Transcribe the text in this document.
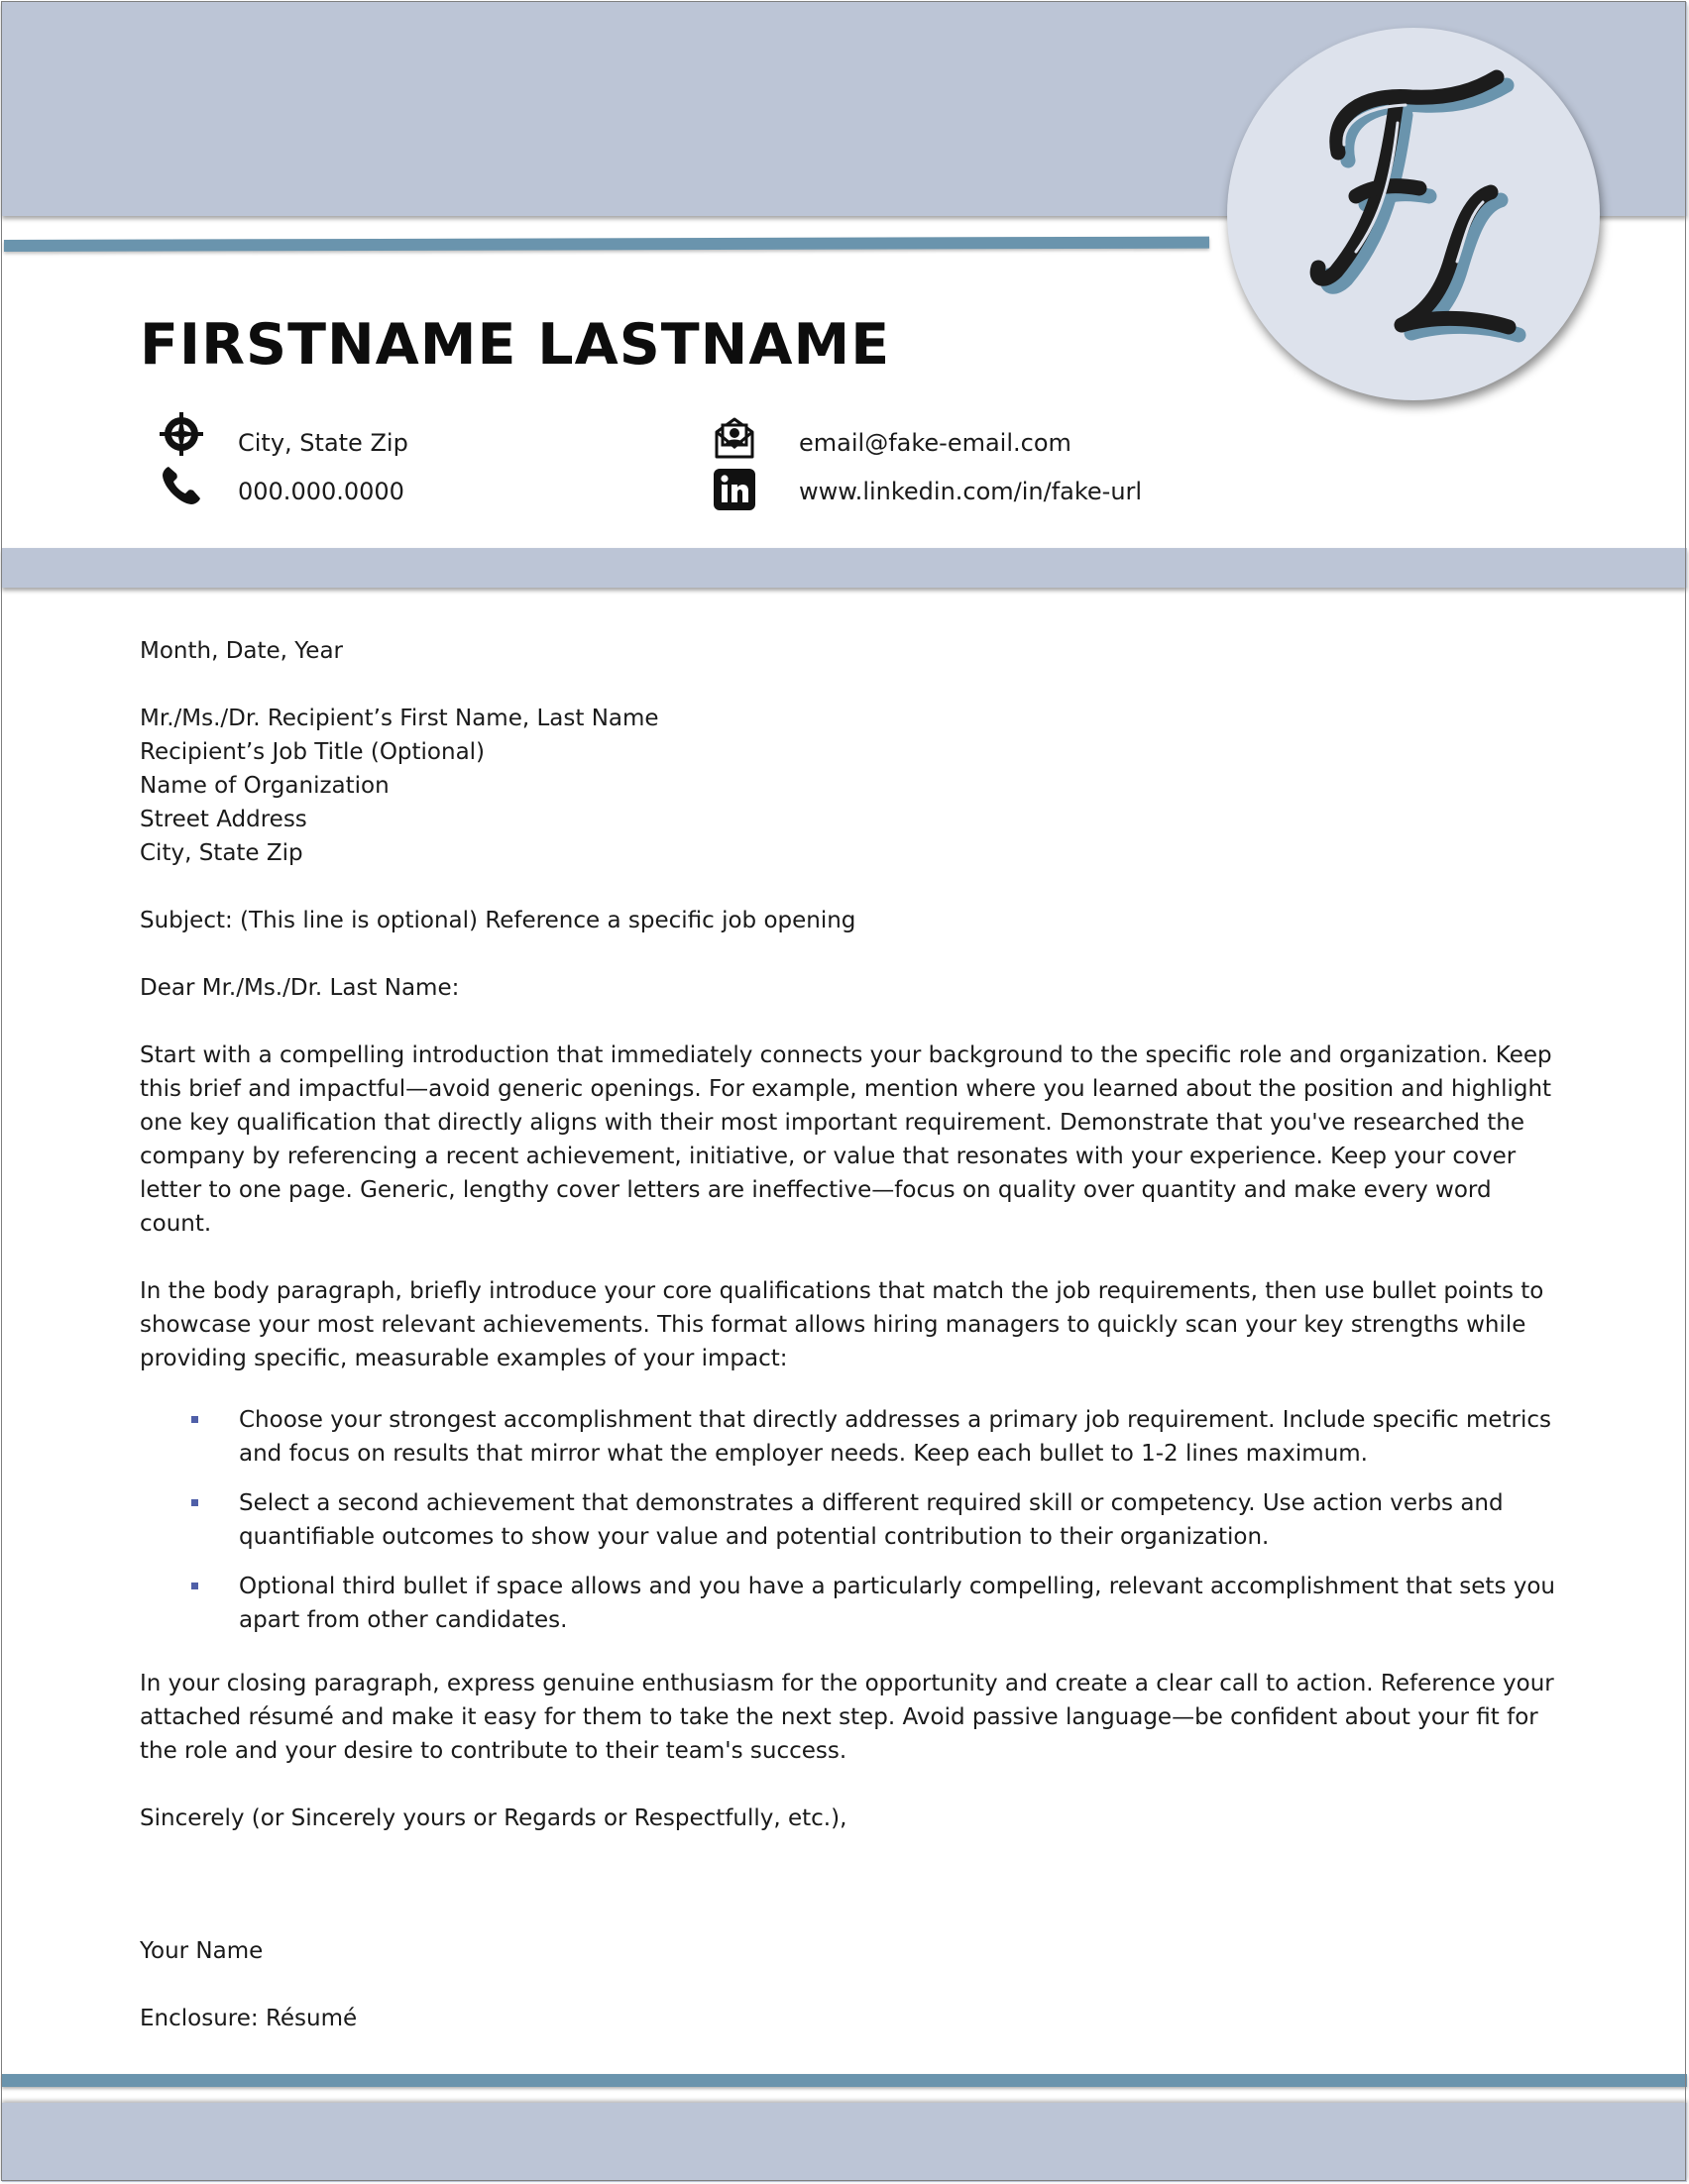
FIRSTNAME LASTNAME
City, State Zip
000.000.0000
email@fake-email.com
www.linkedin.com/in/fake-url

Month, Date, Year

Mr./Ms./Dr. Recipient’s First Name, Last Name
Recipient’s Job Title (Optional)
Name of Organization
Street Address
City, State Zip

Subject: (This line is optional) Reference a specific job opening

Dear Mr./Ms./Dr. Last Name:

Start with a compelling introduction that immediately connects your background to the specific role and organization. Keep this brief and impactful—avoid generic openings. For example, mention where you learned about the position and highlight one key qualification that directly aligns with their most important requirement. Demonstrate that you've researched the company by referencing a recent achievement, initiative, or value that resonates with your experience. Keep your cover letter to one page. Generic, lengthy cover letters are ineffective—focus on quality over quantity and make every word count.

In the body paragraph, briefly introduce your core qualifications that match the job requirements, then use bullet points to showcase your most relevant achievements. This format allows hiring managers to quickly scan your key strengths while providing specific, measurable examples of your impact:

Choose your strongest accomplishment that directly addresses a primary job requirement. Include specific metrics and focus on results that mirror what the employer needs. Keep each bullet to 1-2 lines maximum.
Select a second achievement that demonstrates a different required skill or competency. Use action verbs and quantifiable outcomes to show your value and potential contribution to their organization.
Optional third bullet if space allows and you have a particularly compelling, relevant accomplishment that sets you apart from other candidates.

In your closing paragraph, express genuine enthusiasm for the opportunity and create a clear call to action. Reference your attached résumé and make it easy for them to take the next step. Avoid passive language—be confident about your fit for the role and your desire to contribute to their team's success.

Sincerely (or Sincerely yours or Regards or Respectfully, etc.),

Your Name

Enclosure: Résumé
